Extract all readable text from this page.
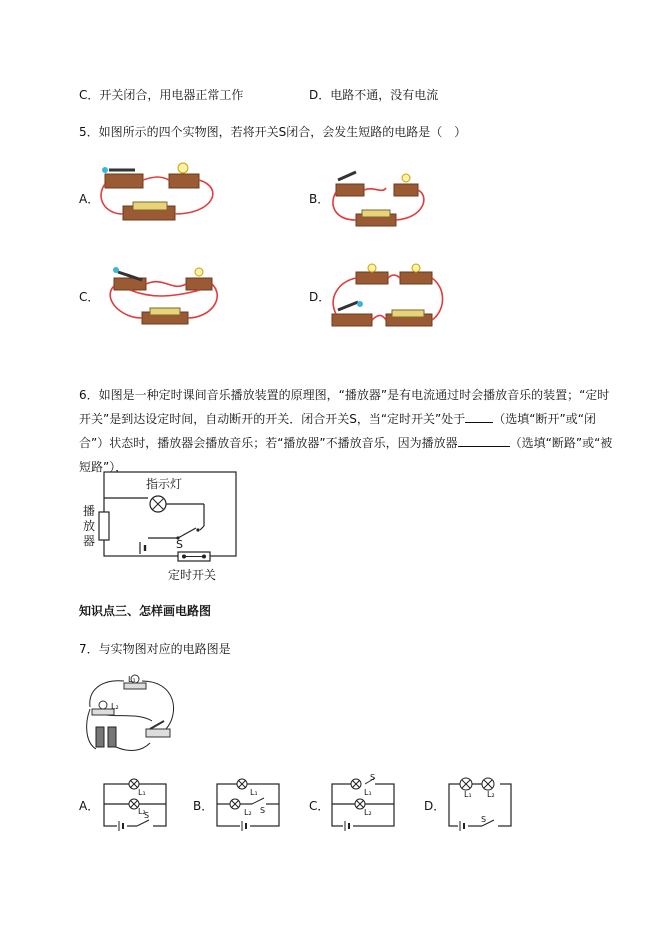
C．开关闭合，用电器正常工作	D．电路不通，没有电流
5．如图所示的四个实物图，若将开关S闭合，会发生短路的电路是（　）
A．	B．
C．	D．
6．如图是一种定时课间音乐播放装置的原理图，“播放器”是有电流通过时会播放音乐的装置；“定时
开关”是到达设定时间，自动断开的开关．闭合开关S，当“定时开关”处于 （选填“断开”或“闭
合”）状态时，播放器会播放音乐；若“播放器”不播放音乐，因为播放器	（选填“断路”或“被
短路”）．
指示灯
播
放
器	S
定时开关
知识点三、怎样画电路图
7．与实物图对应的电路图是
L₁
L₂
A．
L₁
L₂
S
B．
L₁
L₂ S	C．
S
L₁
L₂	D．
L₁ L₂
S
